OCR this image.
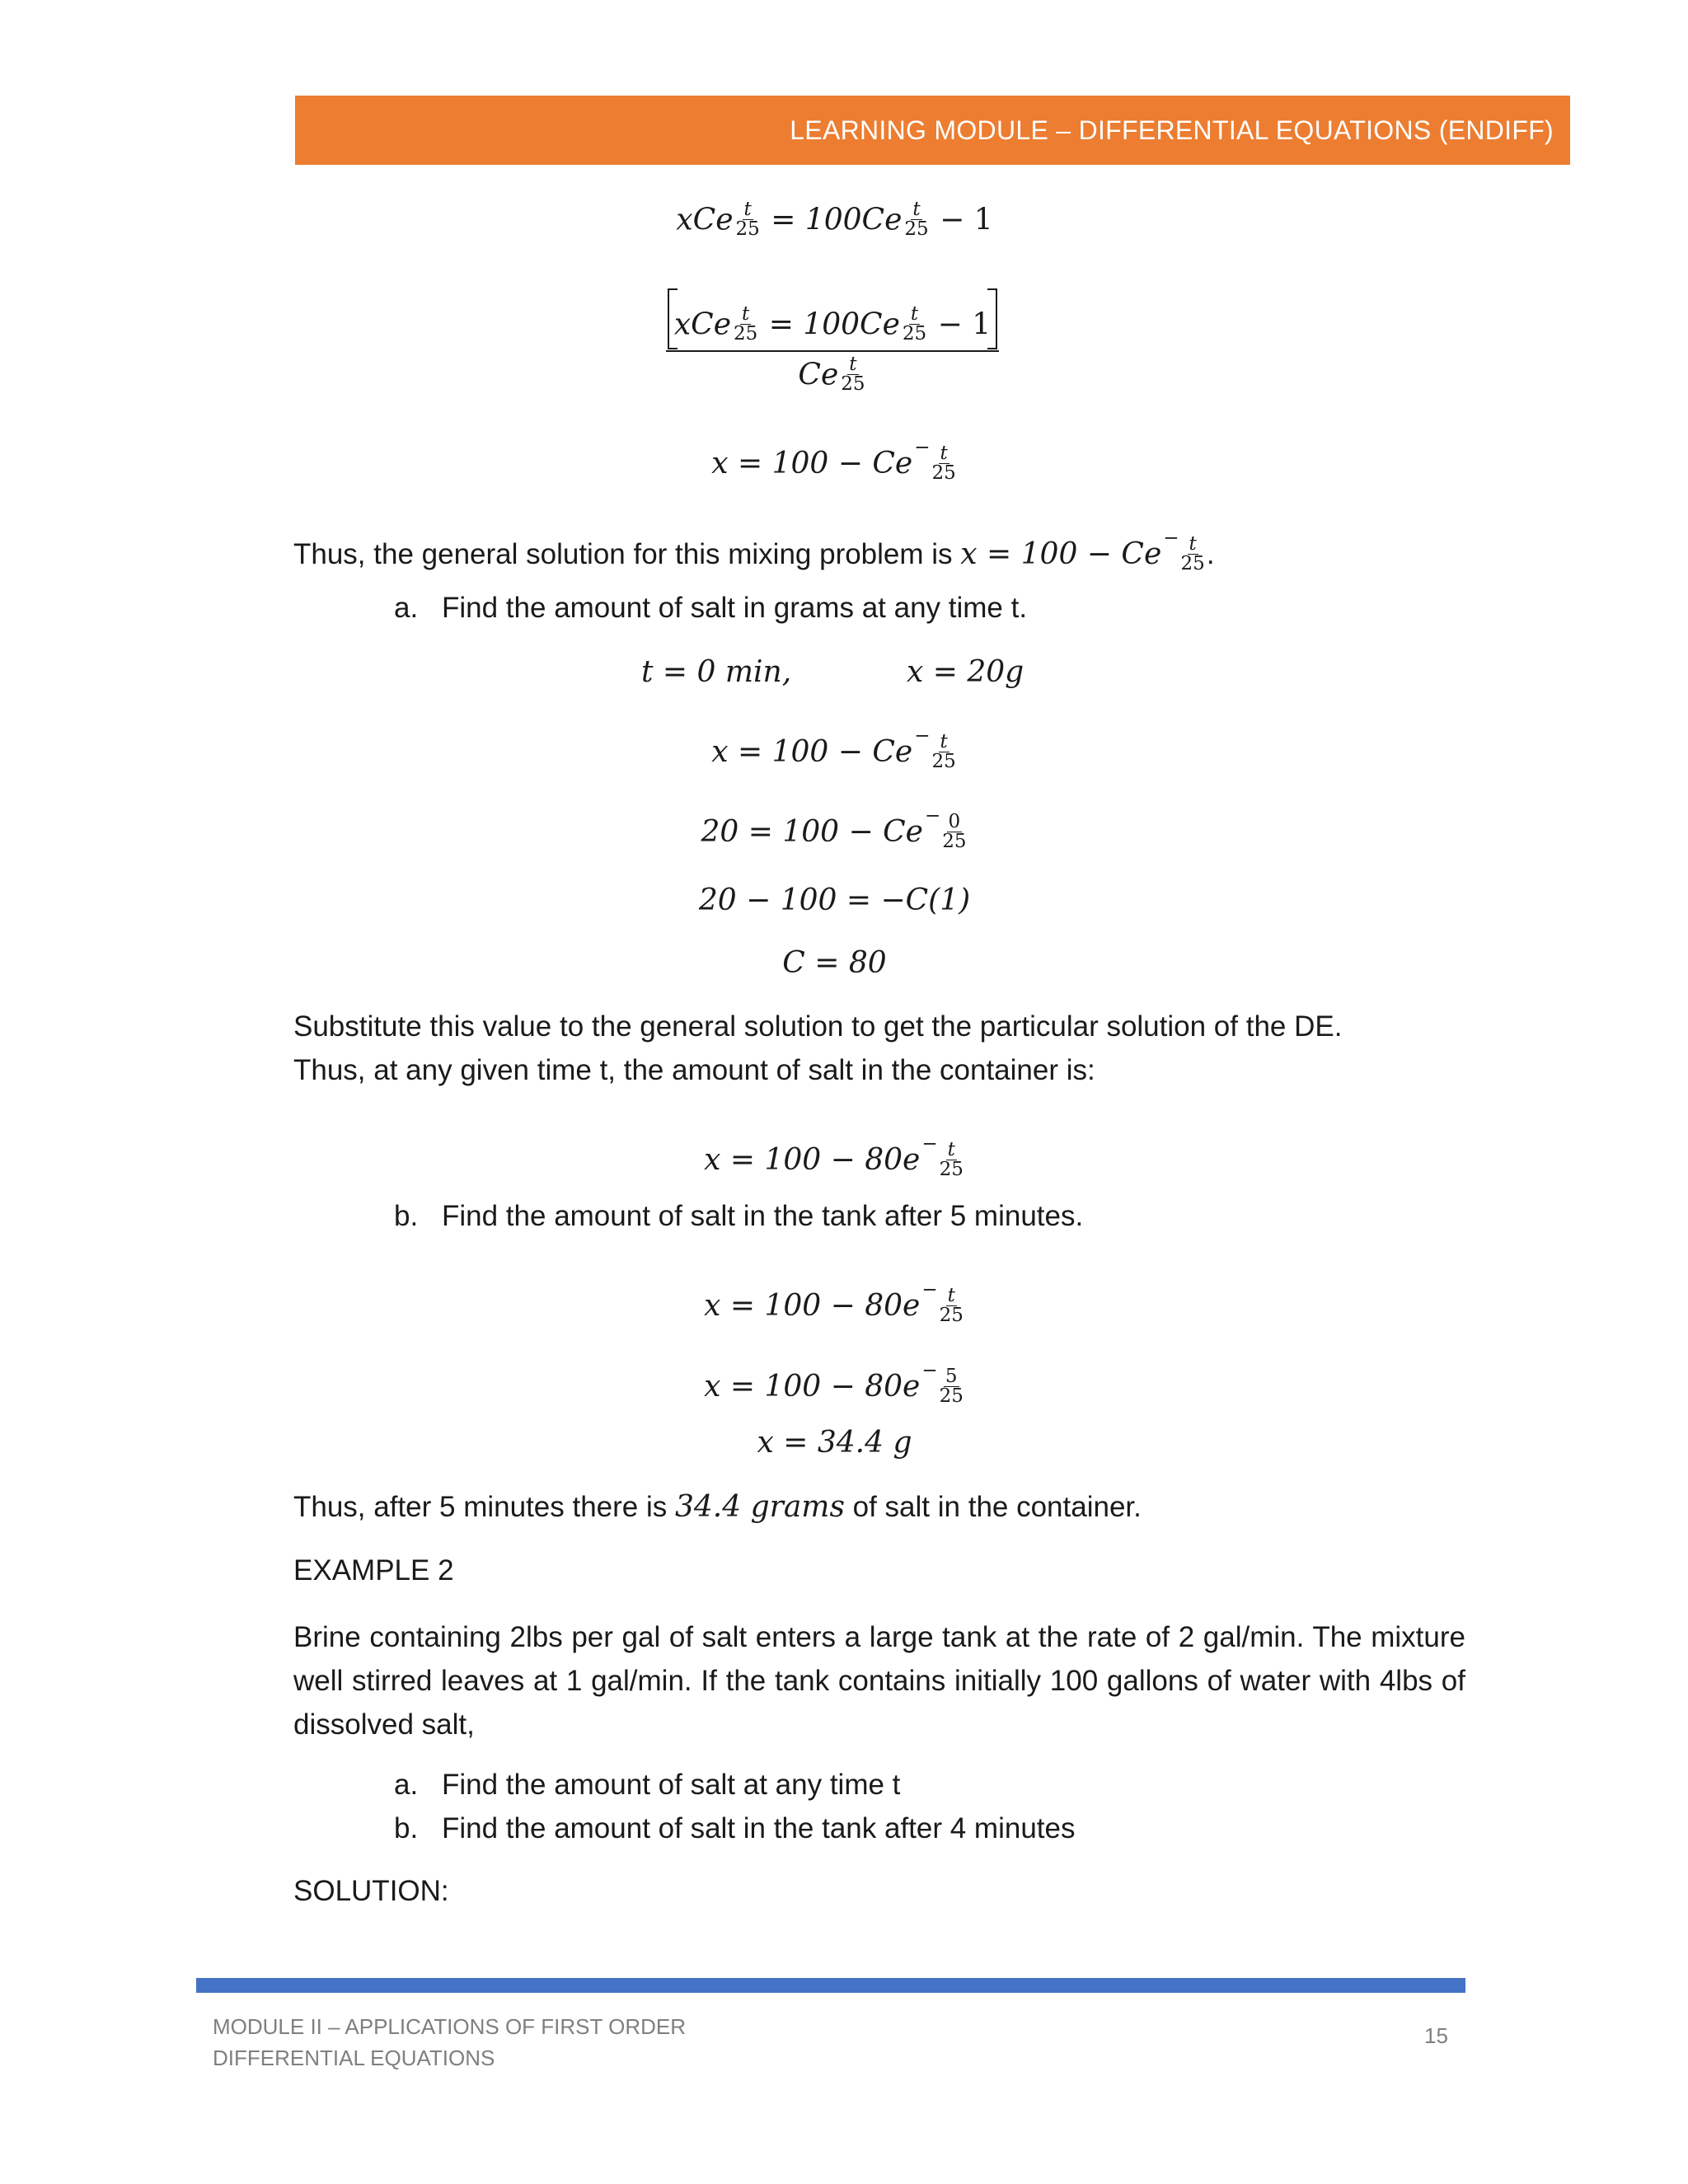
LEARNING MODULE – DIFFERENTIAL EQUATIONS (ENDIFF)
xCe $^{\frac{t}{25}}$ = 100Ce $^{\frac{t}{25}}$ − 1
xCe $^{\frac{t}{25}}$ = 100Ce $^{\frac{t}{25}}$ − 1
Ce $^{\frac{t}{25}}$
x = 100 − Ce− $^{\frac{t}{25}}$
Thus, the general solution for this mixing problem is x = 100 − Ce− $^{\frac{t}{25}}$ .
a. Find the amount of salt in grams at any time t.
t = 0 min,	x = 20g
x = 100 − Ce− $^{\frac{t}{25}}$
20 = 100 − Ce− $^{\frac{0}{25}}$
20 − 100 = −C(1)
C = 80
Substitute this value to the general solution to get the particular solution of the DE.
Thus, at any given time t, the amount of salt in the container is:
x = 100 − 80e− $^{\frac{t}{25}}$
b. Find the amount of salt in the tank after 5 minutes.
x = 100 − 80e− $^{\frac{t}{25}}$
x = 100 − 80e− $^{\frac{5}{25}}$
x = 34.4 g
Thus, after 5 minutes there is 34.4 grams of salt in the container.
EXAMPLE 2
Brine containing 2lbs per gal of salt enters a large tank at the rate of 2 gal/min. The mixture well stirred leaves at 1 gal/min. If the tank contains initially 100 gallons of water with 4lbs of dissolved salt,
a. Find the amount of salt at any time t
b. Find the amount of salt in the tank after 4 minutes
SOLUTION:
MODULE II – APPLICATIONS OF FIRST ORDER DIFFERENTIAL EQUATIONS
15
